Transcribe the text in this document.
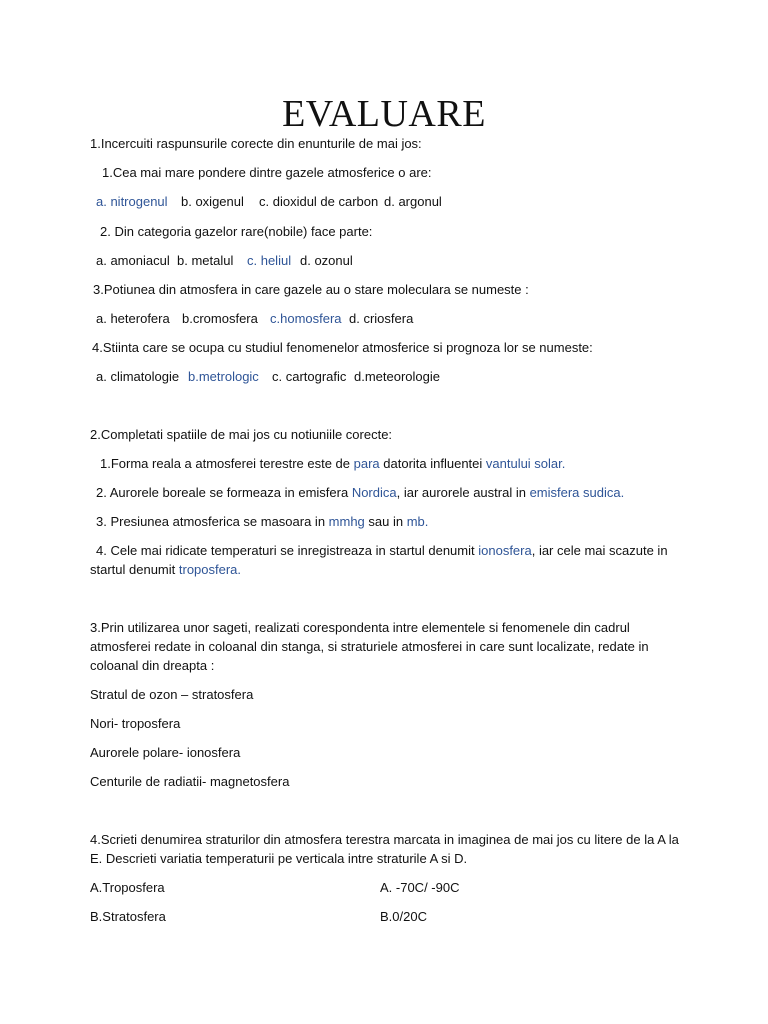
EVALUARE
1.Incercuiti raspunsurile corecte din enunturile de mai jos:
1.Cea mai mare pondere dintre gazele atmosferice o are:
a. nitrogenul b. oxigenul c. dioxidul de carbon d. argonul
2. Din categoria gazelor rare(nobile) face parte:
a. amoniacul b. metalul c. heliul d. ozonul
3.Potiunea din atmosfera in care gazele au o stare moleculara se numeste :
a. heterofera b.cromosfera c.homosfera d. criosfera
4.Stiinta care se ocupa cu studiul fenomenelor atmosferice si prognoza lor se numeste:
a. climatologie b.metrologic c. cartografic d.meteorologie
2.Completati spatiile de mai jos cu notiuniile corecte:
1.Forma reala a atmosferei terestre este de para datorita influentei vantului solar.
2. Aurorele boreale se formeaza in emisfera Nordica, iar aurorele austral in emisfera sudica.
3. Presiunea atmosferica se masoara in mmhg sau in mb.
4. Cele mai ridicate temperaturi se inregistreaza in startul denumit ionosfera, iar cele mai scazute in
startul denumit troposfera.
3.Prin utilizarea unor sageti, realizati corespondenta intre elementele si fenomenele din cadrul
atmosferei redate in coloanal din stanga, si straturiele atmosferei in care sunt localizate, redate in
coloanal din dreapta :
Stratul de ozon – stratosfera
Nori- troposfera
Aurorele polare- ionosfera
Centurile de radiatii- magnetosfera
4.Scrieti denumirea straturilor din atmosfera terestra marcata in imaginea de mai jos cu litere de la A la
E. Descrieti variatia temperaturii pe verticala intre straturile A si D.
A.Troposfera	A. -70C/ -90C
B.Stratosfera	B.0/20C
